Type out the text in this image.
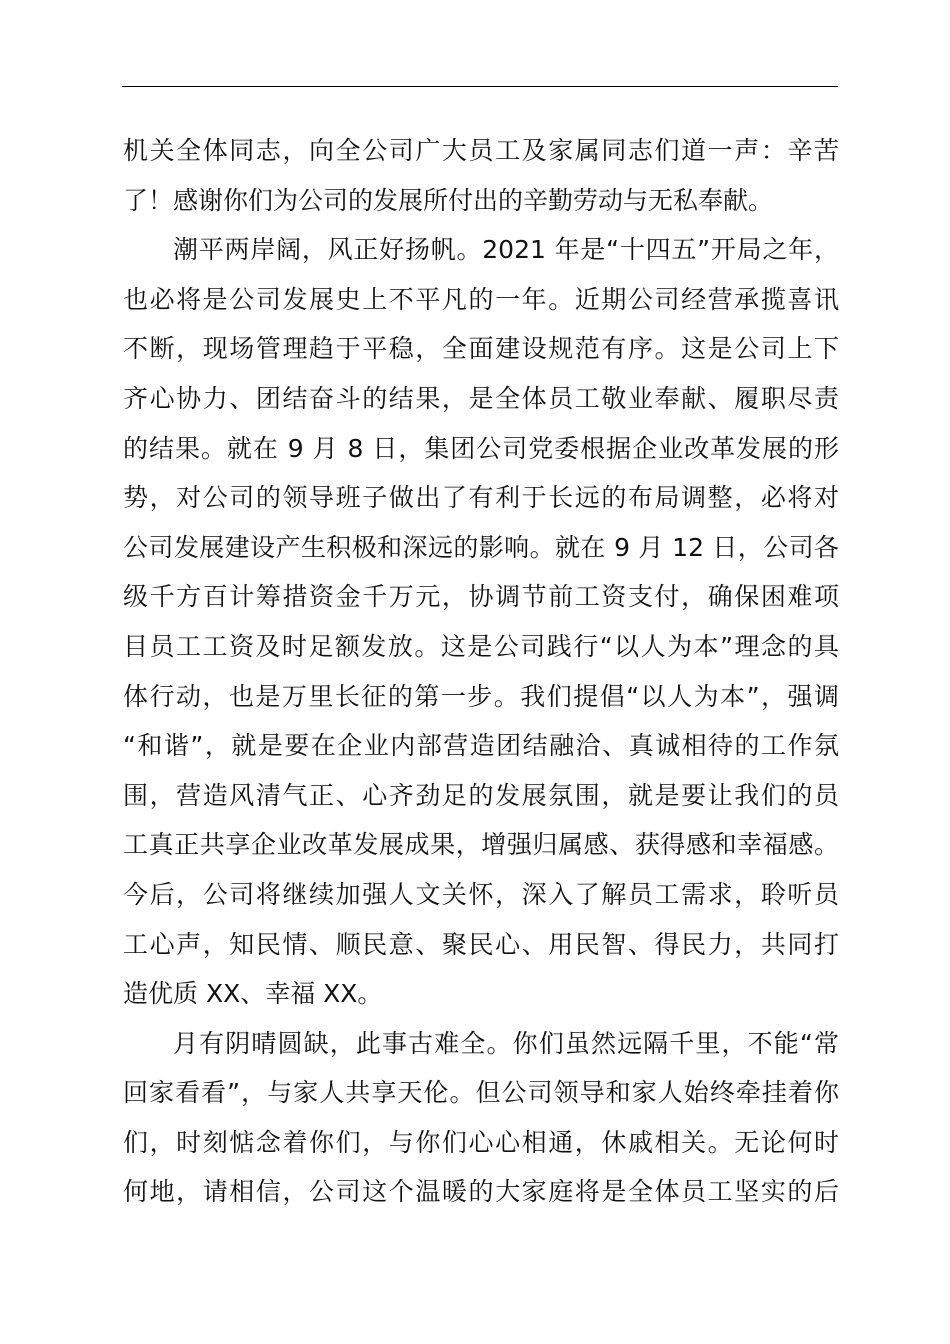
机关全体同志，向全公司广大员工及家属同志们道一声：辛苦
了！感谢你们为公司的发展所付出的辛勤劳动与无私奉献。
潮平两岸阔，风正好扬帆。2021 年是“十四五”开局之年，
也必将是公司发展史上不平凡的一年。近期公司经营承揽喜讯
不断，现场管理趋于平稳，全面建设规范有序。这是公司上下
齐心协力、团结奋斗的结果，是全体员工敬业奉献、履职尽责
的结果。就在 9 月 8 日，集团公司党委根据企业改革发展的形
势，对公司的领导班子做出了有利于长远的布局调整，必将对
公司发展建设产生积极和深远的影响。就在 9 月 12 日，公司各
级千方百计筹措资金千万元，协调节前工资支付，确保困难项
目员工工资及时足额发放。这是公司践行“以人为本”理念的具
体行动，也是万里长征的第一步。我们提倡“以人为本”，强调
“和谐”，就是要在企业内部营造团结融洽、真诚相待的工作氛
围，营造风清气正、心齐劲足的发展氛围，就是要让我们的员
工真正共享企业改革发展成果，增强归属感、获得感和幸福感。
今后，公司将继续加强人文关怀，深入了解员工需求，聆听员
工心声，知民情、顺民意、聚民心、用民智、得民力，共同打
造优质 XX、幸福 XX。
月有阴晴圆缺，此事古难全。你们虽然远隔千里，不能“常
回家看看”，与家人共享天伦。但公司领导和家人始终牵挂着你
们，时刻惦念着你们，与你们心心相通，休戚相关。无论何时
何地，请相信，公司这个温暖的大家庭将是全体员工坚实的后
